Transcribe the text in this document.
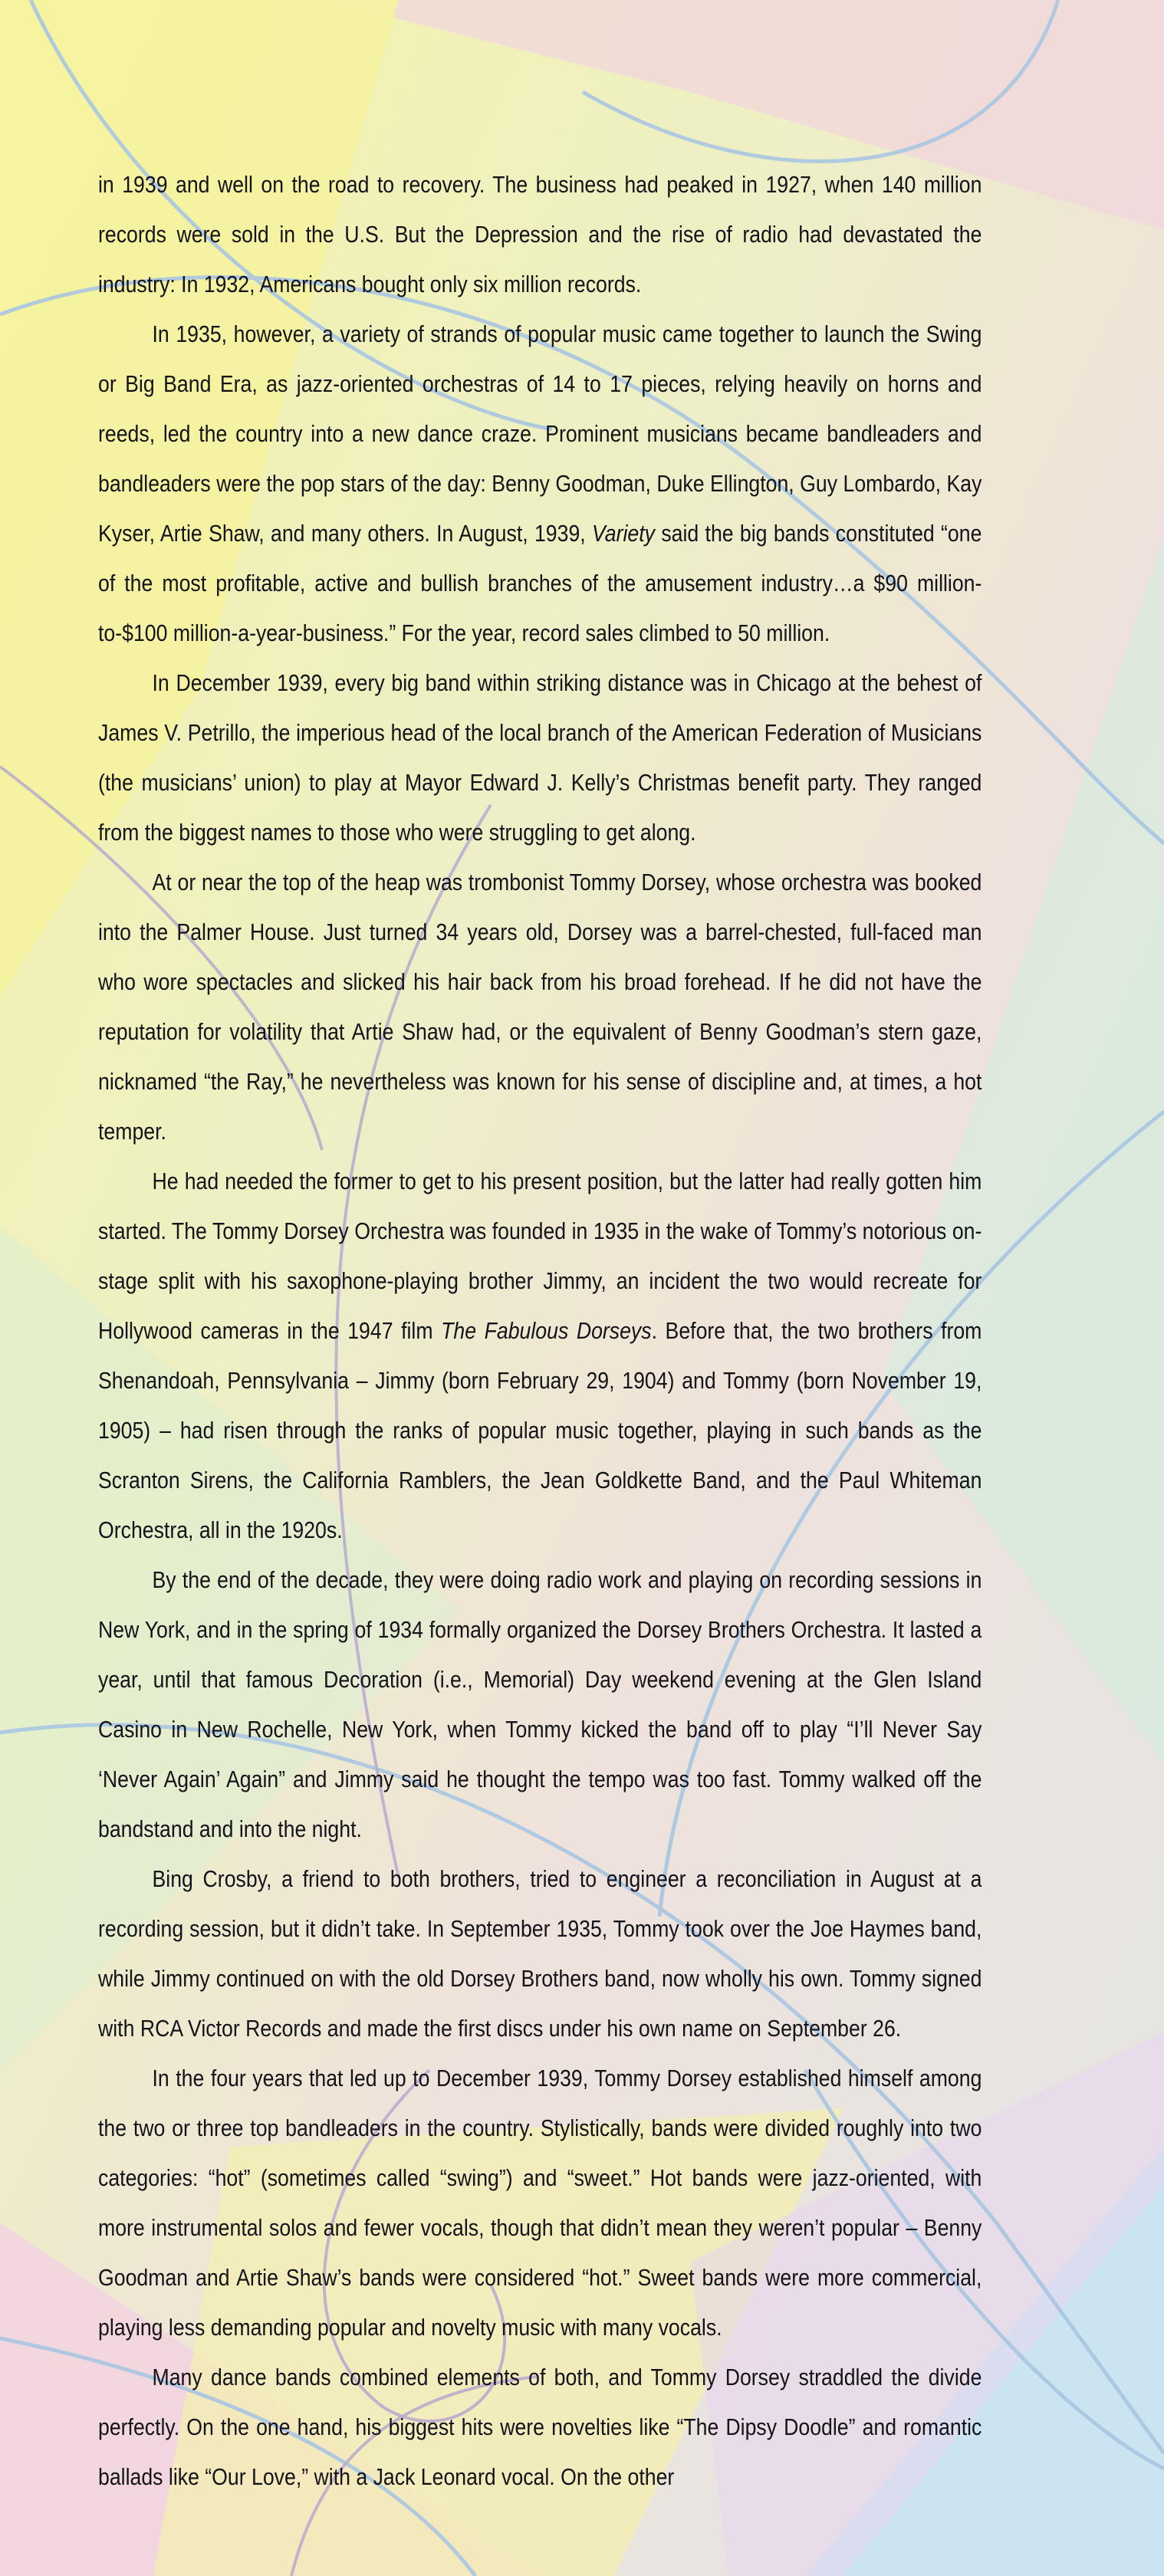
in 1939 and well on the road to recovery. The business had peaked in 1927, when 140 million records were sold in the U.S. But the Depression and the rise of radio had devastated the industry: In 1932, Americans bought only six million records.

In 1935, however, a variety of strands of popular music came together to launch the Swing or Big Band Era, as jazz-oriented orchestras of 14 to 17 pieces, relying heavily on horns and reeds, led the country into a new dance craze. Prominent musicians became bandleaders and bandleaders were the pop stars of the day: Benny Goodman, Duke Ellington, Guy Lombardo, Kay Kyser, Artie Shaw, and many others. In August, 1939, Variety said the big bands constituted “one of the most profitable, active and bullish branches of the amusement industry…a $90 million-to-$100 million-a-year-business.” For the year, record sales climbed to 50 million.

In December 1939, every big band within striking distance was in Chicago at the behest of James V. Petrillo, the imperious head of the local branch of the American Federation of Musicians (the musicians’ union) to play at Mayor Edward J. Kelly’s Christmas benefit party. They ranged from the biggest names to those who were struggling to get along.

At or near the top of the heap was trombonist Tommy Dorsey, whose orchestra was booked into the Palmer House. Just turned 34 years old, Dorsey was a barrel-chested, full-faced man who wore spectacles and slicked his hair back from his broad forehead. If he did not have the reputation for volatility that Artie Shaw had, or the equivalent of Benny Goodman’s stern gaze, nicknamed “the Ray,” he nevertheless was known for his sense of discipline and, at times, a hot temper.

He had needed the former to get to his present position, but the latter had really gotten him started. The Tommy Dorsey Orchestra was founded in 1935 in the wake of Tommy’s notorious on-stage split with his saxophone-playing brother Jimmy, an incident the two would recreate for Hollywood cameras in the 1947 film The Fabulous Dorseys. Before that, the two brothers from Shenandoah, Pennsylvania – Jimmy (born February 29, 1904) and Tommy (born November 19, 1905) – had risen through the ranks of popular music together, playing in such bands as the Scranton Sirens, the California Ramblers, the Jean Goldkette Band, and the Paul Whiteman Orchestra, all in the 1920s.

By the end of the decade, they were doing radio work and playing on recording sessions in New York, and in the spring of 1934 formally organized the Dorsey Brothers Orchestra. It lasted a year, until that famous Decoration (i.e., Memorial) Day weekend evening at the Glen Island Casino in New Rochelle, New York, when Tommy kicked the band off to play “I’ll Never Say ‘Never Again’ Again” and Jimmy said he thought the tempo was too fast. Tommy walked off the bandstand and into the night.

Bing Crosby, a friend to both brothers, tried to engineer a reconciliation in August at a recording session, but it didn’t take. In September 1935, Tommy took over the Joe Haymes band, while Jimmy continued on with the old Dorsey Brothers band, now wholly his own. Tommy signed with RCA Victor Records and made the first discs under his own name on September 26.

In the four years that led up to December 1939, Tommy Dorsey established himself among the two or three top bandleaders in the country. Stylistically, bands were divided roughly into two categories: “hot” (sometimes called “swing”) and “sweet.” Hot bands were jazz-oriented, with more instrumental solos and fewer vocals, though that didn’t mean they weren’t popular – Benny Goodman and Artie Shaw’s bands were considered “hot.” Sweet bands were more commercial, playing less demanding popular and novelty music with many vocals.

Many dance bands combined elements of both, and Tommy Dorsey straddled the divide perfectly. On the one hand, his biggest hits were novelties like “The Dipsy Doodle” and romantic ballads like “Our Love,” with a Jack Leonard vocal. On the other
